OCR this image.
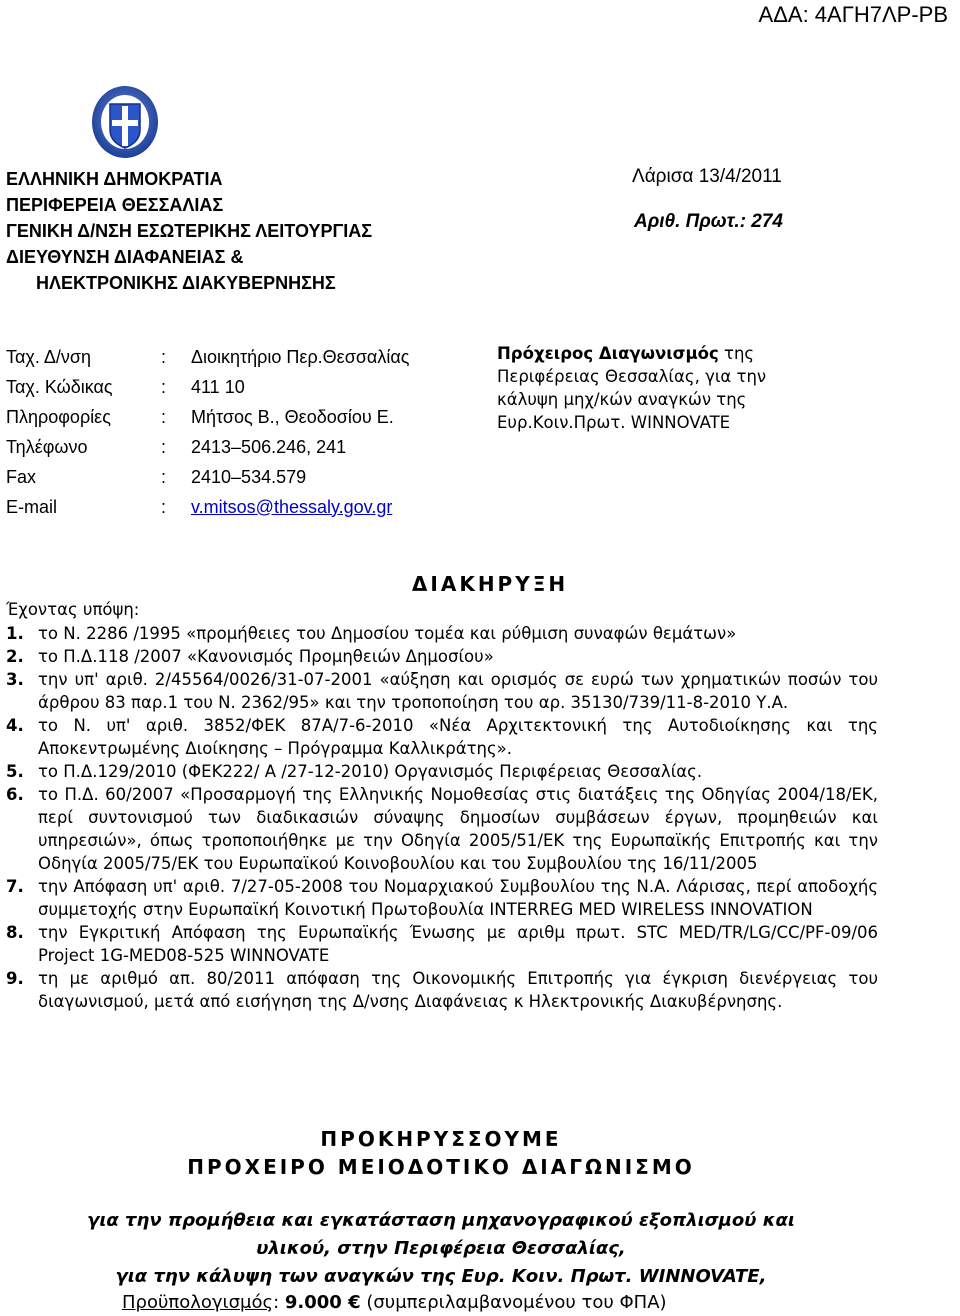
ΑΔΑ: 4ΑΓΗ7ΛΡ-ΡΒ
ΕΛΛΗΝΙΚΗ ΔΗΜΟΚΡΑΤΙΑ
ΠΕΡΙΦΕΡΕΙΑ ΘΕΣΣΑΛΙΑΣ
ΓΕΝΙΚΗ Δ/ΝΣΗ ΕΣΩΤΕΡΙΚΗΣ ΛΕΙΤΟΥΡΓΙΑΣ
ΔΙΕΥΘΥΝΣΗ ΔΙΑΦΑΝΕΙΑΣ &
ΗΛΕΚΤΡΟΝΙΚΗΣ ΔΙΑΚΥΒΕΡΝΗΣΗΣ
Λάρισα 13/4/2011
Αριθ. Πρωτ.: 274
Ταχ. Δ/νση	:	Διοικητήριο Περ.Θεσσαλίας
Ταχ. Κώδικας	:	411 10
Πληροφορίες	:	Μήτσος Β., Θεοδοσίου Ε.
Τηλέφωνο	:	2413–506.246, 241
Fax	:	2410–534.579
E-mail	:	v.mitsos@thessaly.gov.gr
Πρόχειρος Διαγωνισμός της
Περιφέρειας Θεσσαλίας, για την
κάλυψη μηχ/κών αναγκών της
Ευρ.Κοιν.Πρωτ. WINNOVATE
ΔΙΑΚΗΡΥΞΗ
Έχοντας υπόψη:
1. το Ν. 2286 /1995 «προμήθειες του Δημοσίου τομέα και ρύθμιση συναφών θεμάτων»
2. το Π.Δ.118 /2007 «Κανονισμός Προμηθειών Δημοσίου»
3. την υπ' αριθ. 2/45564/0026/31-07-2001 «αύξηση και ορισμός σε ευρώ των χρηματικών ποσών του άρθρου 83 παρ.1 του Ν. 2362/95» και την τροποποίηση του αρ. 35130/739/11-8-2010 Υ.Α.
4. το Ν. υπ' αριθ. 3852/ΦΕΚ 87Α/7-6-2010 «Νέα Αρχιτεκτονική της Αυτοδιοίκησης και της Αποκεντρωμένης Διοίκησης – Πρόγραμμα Καλλικράτης».
5. το Π.Δ.129/2010 (ΦΕΚ222/ Α /27-12-2010) Οργανισμός Περιφέρειας Θεσσαλίας.
6. το Π.Δ. 60/2007 «Προσαρμογή της Ελληνικής Νομοθεσίας στις διατάξεις της Οδηγίας 2004/18/ΕΚ, περί συντονισμού των διαδικασιών σύναψης δημοσίων συμβάσεων έργων, προμηθειών και υπηρεσιών», όπως τροποποιήθηκε με την Οδηγία 2005/51/ΕΚ της Ευρωπαϊκής Επιτροπής και την Οδηγία 2005/75/ΕΚ του Ευρωπαϊκού Κοινοβουλίου και του Συμβουλίου της 16/11/2005
7. την Απόφαση υπ' αριθ. 7/27-05-2008 του Νομαρχιακού Συμβουλίου της Ν.Α. Λάρισας, περί αποδοχής συμμετοχής στην Ευρωπαϊκή Κοινοτική Πρωτοβουλία INTERREG MED WIRELESS INNOVATION
8. την Εγκριτική Απόφαση της Ευρωπαϊκής Ένωσης με αριθμ πρωτ. STC MED/TR/LG/CC/PF-09/06 Project 1G-MED08-525 WINNOVATE
9. τη με αριθμό απ. 80/2011 απόφαση της Οικονομικής Επιτροπής για έγκριση διενέργειας του διαγωνισμού, μετά από εισήγηση της Δ/νσης Διαφάνειας κ Ηλεκτρονικής Διακυβέρνησης.
ΠΡΟΚΗΡΥΣΣΟΥΜΕ
ΠΡΟΧΕΙΡΟ ΜΕΙΟΔΟΤΙΚΟ ΔΙΑΓΩΝΙΣΜΟ
για την προμήθεια και εγκατάσταση μηχανογραφικού εξοπλισμού και
υλικού, στην Περιφέρεια Θεσσαλίας,
για την κάλυψη των αναγκών της Ευρ. Κοιν. Πρωτ. WINNOVATE,
Προϋπολογισμός: 9.000 € (συμπεριλαμβανομένου του ΦΠΑ)
